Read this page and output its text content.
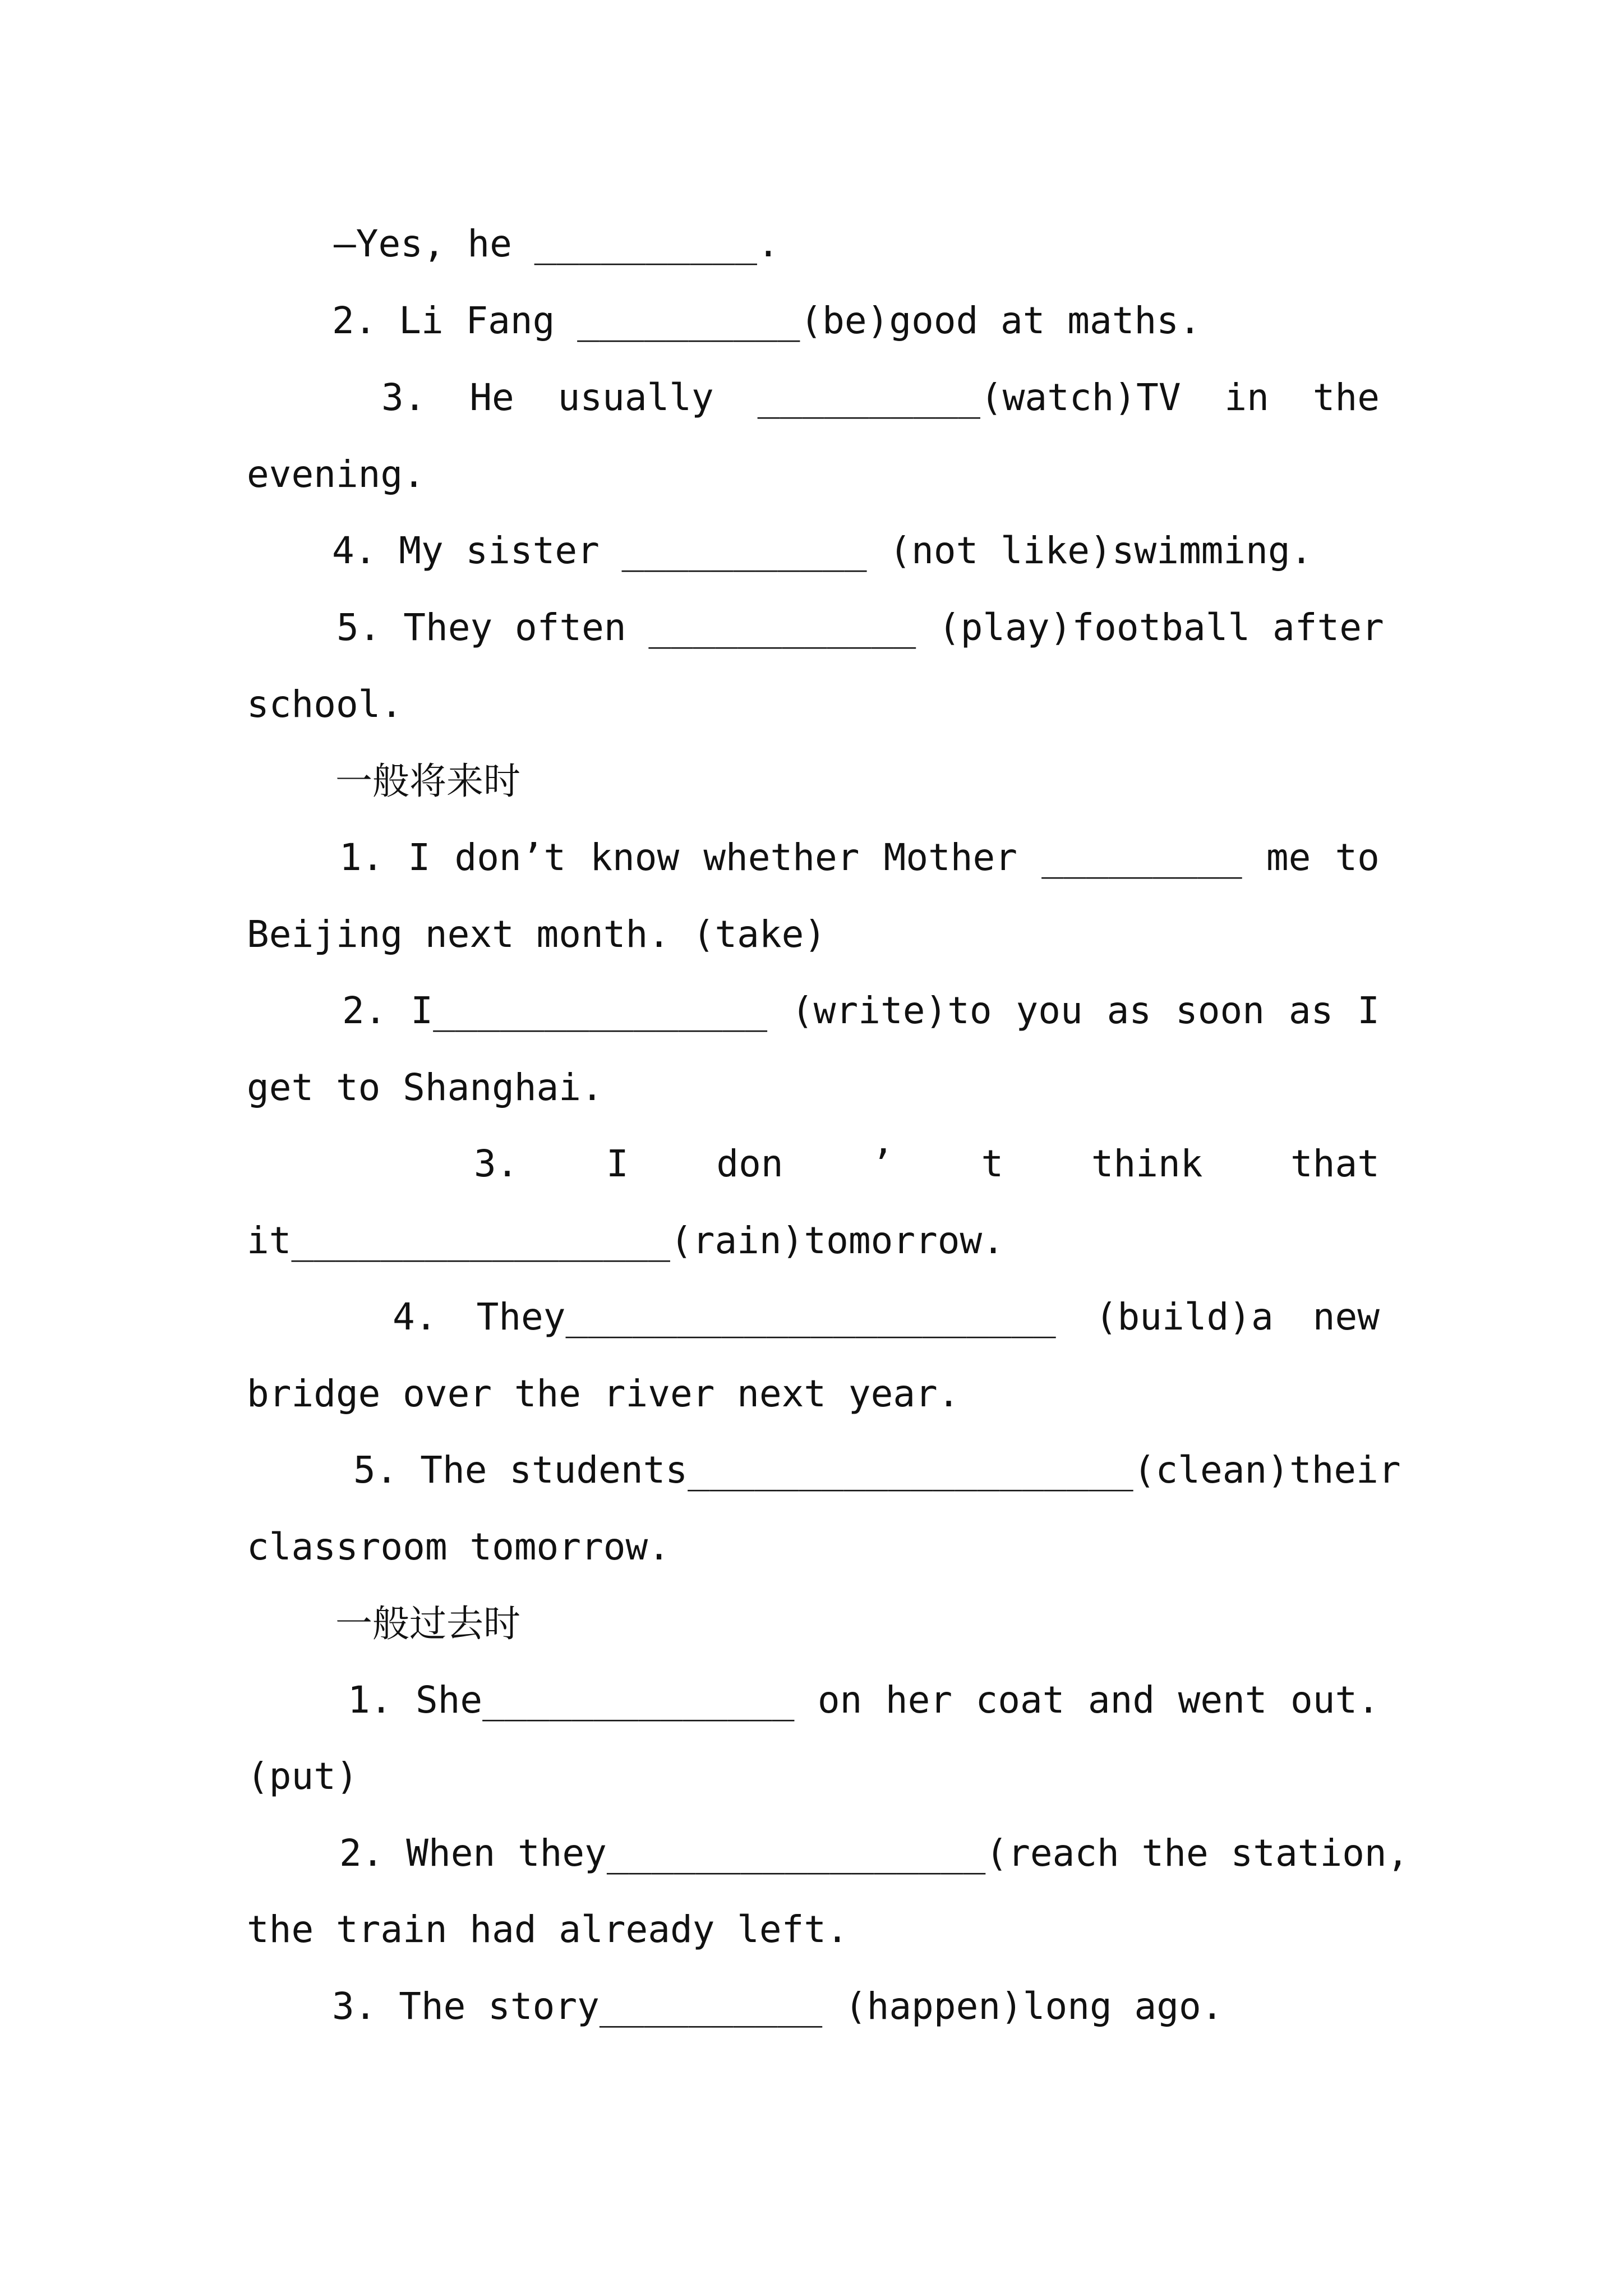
—Yes, he __________.
2. Li Fang __________(be)good at maths.
3. He usually __________(watch)TV in the
evening.
4. My sister ___________ (not like)swimming.
5. They often ____________ (play)football after
school.
一般将来时
1. I don’t know whether Mother _________ me to
Beijing next month. (take)
2. I_______________ (write)to you as soon as I
get to Shanghai.
3. I don ’ t think that
it_________________(rain)tomorrow.
4. They______________________ (build)a new
bridge over the river next year.
5. The students____________________(clean)their
classroom tomorrow.
一般过去时
1. She______________ on her coat and went out.
(put)
2. When they_________________(reach the station,
the train had already left.
3. The story__________ (happen)long ago.
